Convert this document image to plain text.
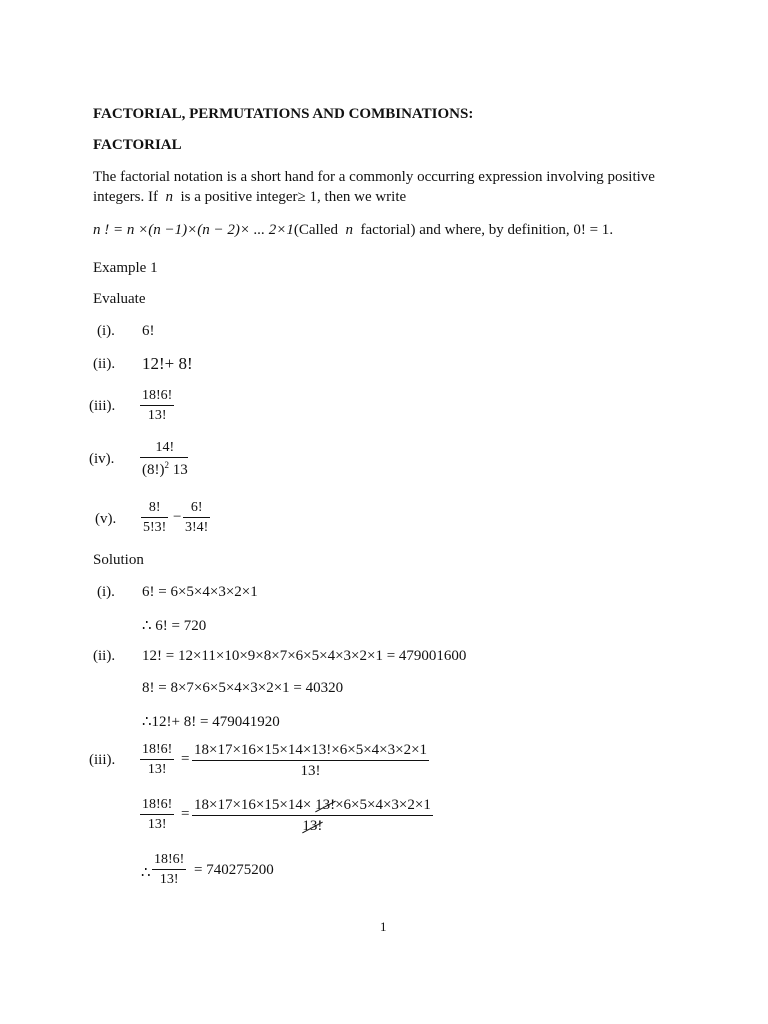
FACTORIAL, PERMUTATIONS AND COMBINATIONS:
FACTORIAL
The factorial notation is a short hand for a commonly occurring expression involving positive
integers. If n is a positive integer≥ 1, then we write
n ! = n ×(n −1)×(n − 2)× ... 2×1(Called n factorial) and where, by definition, 0! = 1.
Example 1
Evaluate
(i). 6!
(ii). 12!+ 8!
(iii).
18!6!
13!
(iv).
14!
$(8!)^2$ 13
(v).
8!
5!3!
−
6!
3!4!
Solution
(i). 6! = 6×5×4×3×2×1
∴ 6! = 720
(ii). 12! = 12×11×10×9×8×7×6×5×4×3×2×1 = 479001600
8! = 8×7×6×5×4×3×2×1 = 40320
∴12!+ 8! = 479041920
(iii).
18!6!
13!
=
18×17×16×15×14×13!×6×5×4×3×2×1
13!
18!6!
13!
=
18×17×16×15×14× 13!×6×5×4×3×2×1
13!
∴
18!6!
13!
= 740275200
1
